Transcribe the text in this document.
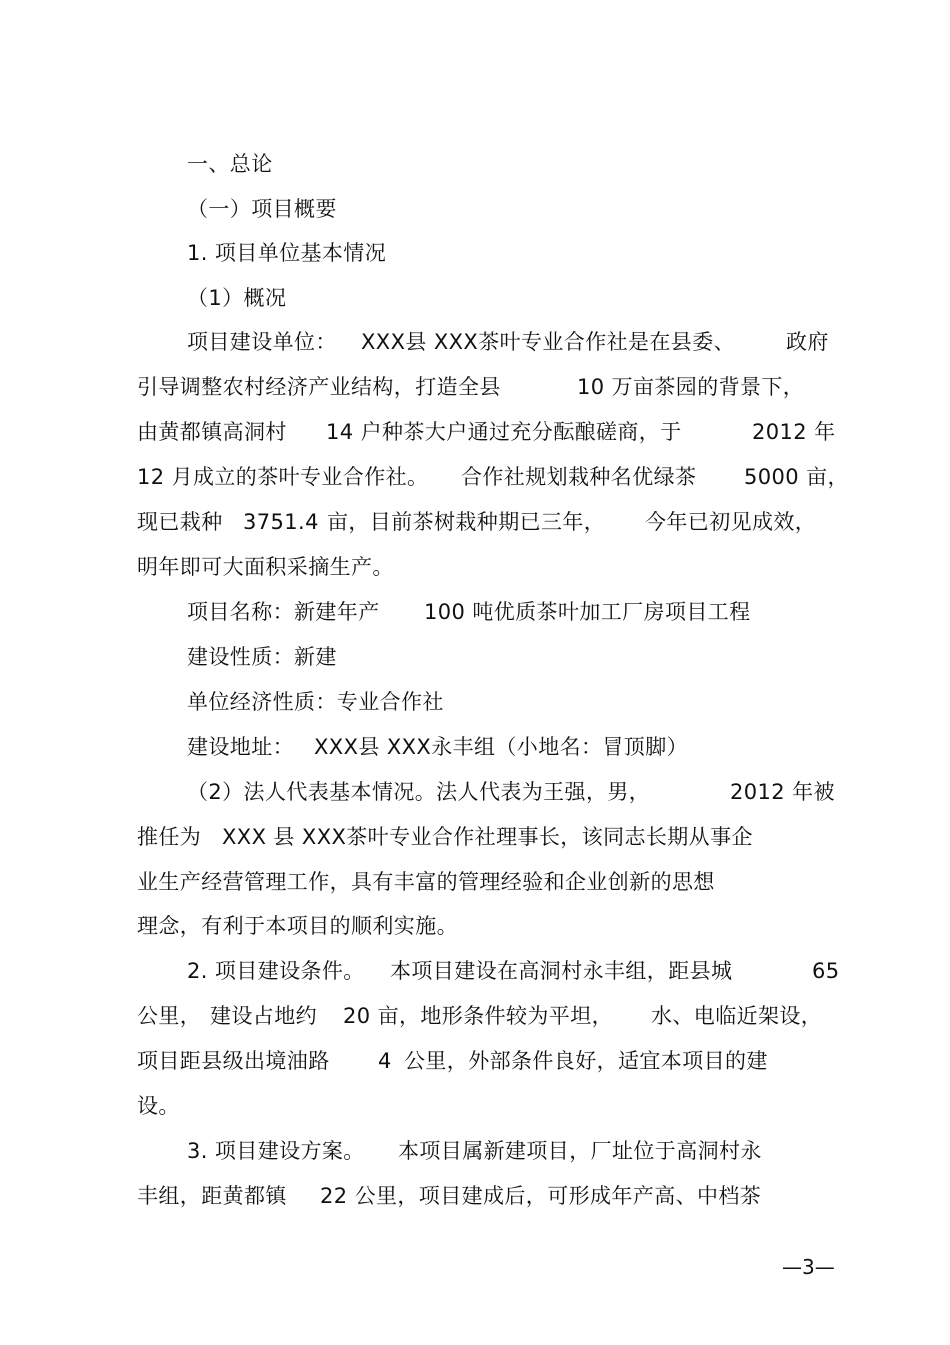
一、总论
（一）项目概要
1. 项目单位基本情况
（1）概况
项目建设单位： XXX县 XXX茶叶专业合作社是在县委、 政府
引导调整农村经济产业结构，打造全县	10 万亩茶园的背景下，
由黄都镇高洞村 14 户种茶大户通过充分酝酿磋商，于	2012 年
12 月成立的茶叶专业合作社。 合作社规划栽种名优绿茶 5000 亩，
现已栽种 3751.4 亩，目前茶树栽种期已三年， 今年已初见成效，
明年即可大面积采摘生产。
项目名称：新建年产 100 吨优质茶叶加工厂房项目工程
建设性质：新建
单位经济性质：专业合作社
建设地址： XXX县 XXX永丰组（小地名：冒顶脚）
（2）法人代表基本情况。法人代表为王强，男，	2012 年被
推任为 XXX 县 XXX茶叶专业合作社理事长，该同志长期从事企
业生产经营管理工作，具有丰富的管理经验和企业创新的思想
理念，有利于本项目的顺利实施。
2. 项目建设条件。 本项目建设在高洞村永丰组，距县城	65
公里， 建设占地约 20 亩，地形条件较为平坦， 水、电临近架设，
项目距县级出境油路 4 公里，外部条件良好，适宜本项目的建
设。
3. 项目建设方案。 本项目属新建项目，厂址位于高洞村永
丰组，距黄都镇 22 公里，项目建成后，可形成年产高、中档茶
—3—
